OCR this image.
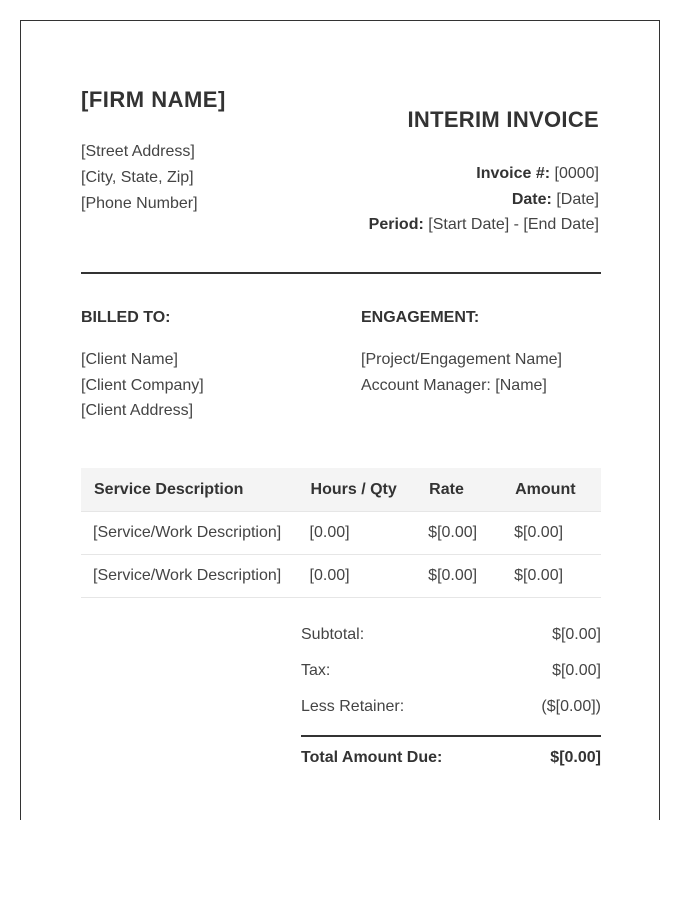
[FIRM NAME]
[Street Address]
[City, State, Zip]
[Phone Number]
INTERIM INVOICE
Invoice #: [0000]
Date: [Date]
Period: [Start Date] - [End Date]
BILLED TO:
[Client Name]
[Client Company]
[Client Address]
ENGAGEMENT:
[Project/Engagement Name]
Account Manager: [Name]
Service Description	Hours / Qty	Rate	Amount
[Service/Work Description]	[0.00]	$[0.00]	$[0.00]
[Service/Work Description]	[0.00]	$[0.00]	$[0.00]
Subtotal:	$[0.00]
Tax:	$[0.00]
Less Retainer:	($[0.00])
Total Amount Due:	$[0.00]
